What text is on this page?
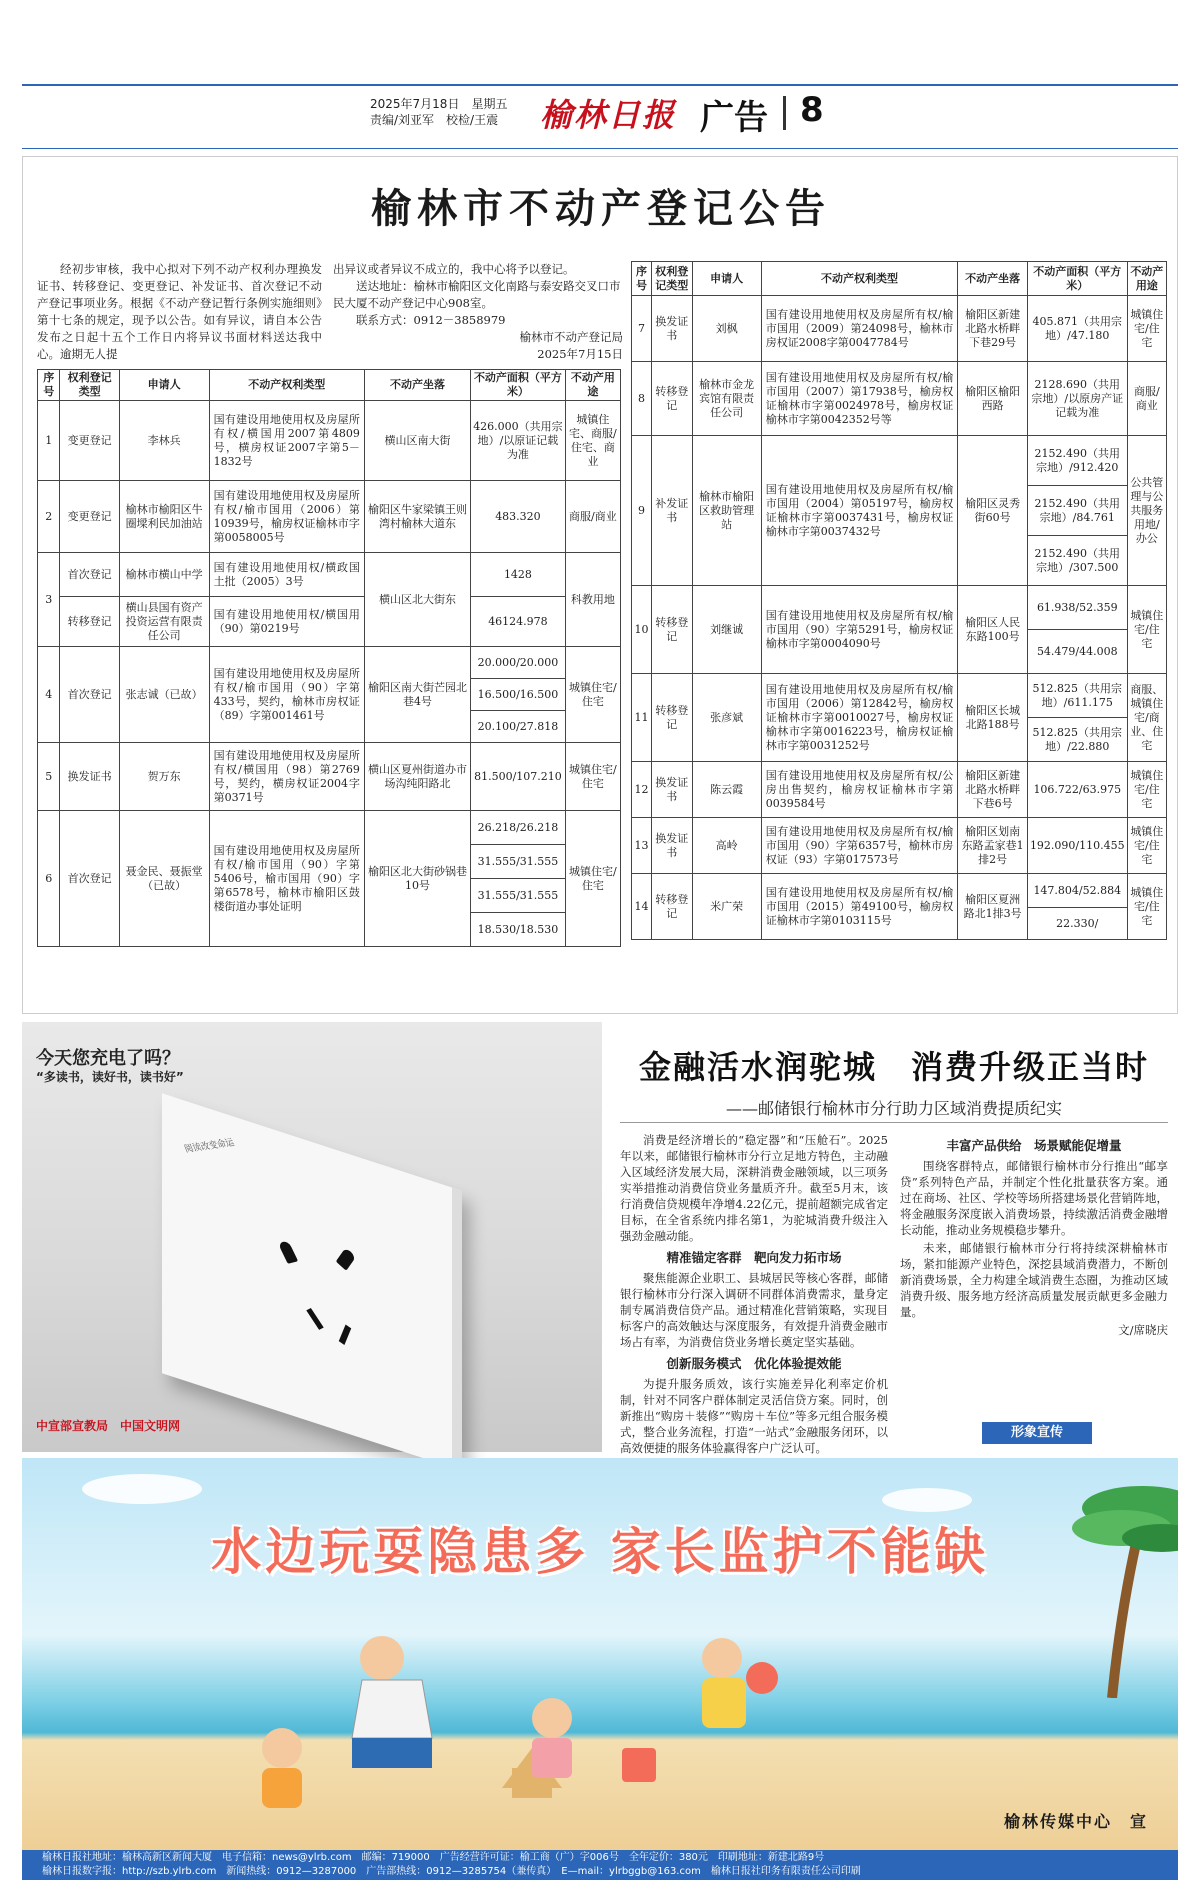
2025年7月18日　星期五
责编/刘亚军　校检/王震 榆林日报 广告 8
榆林市不动产登记公告
经初步审核，我中心拟对下列不动产权利办理换发证书、转移登记、变更登记、补发证书、首次登记不动产登记事项业务。根据《不动产登记暂行条例实施细则》第十七条的规定，现予以公告。如有异议，请自本公告发布之日起十五个工作日内将异议书面材料送达我中心。逾期无人提
出异议或者异议不成立的，我中心将予以登记。
送达地址：榆林市榆阳区文化南路与泰安路交叉口市民大厦不动产登记中心908室。
联系方式：0912－3858979
榆林市不动产登记局
2025年7月15日
序号	权利登记类型	申请人	不动产权利类型	不动产坐落	不动产面积（平方米）	不动产用途
1	变更登记	李林兵	国有建设用地使用权及房屋所有权/横国用2007第4809号，横房权证2007字第5－1832号	横山区南大街	426.000（共用宗地）/以原证记载为准	城镇住宅、商服/住宅、商业
2	变更登记	榆林市榆阳区牛圈墚利民加油站	国有建设用地使用权及房屋所有权/榆市国用（2006）第10939号，榆房权证榆林市字第0058005号	榆阳区牛家梁镇王则湾村榆林大道东	483.320	商服/商业
3	首次登记	榆林市横山中学	国有建设用地使用权/横政国土批（2005）3号	横山区北大街东	1428	科教用地
	转移登记	横山县国有资产投资运营有限责任公司	国有建设用地使用权/横国用（90）第0219号		46124.978	
4	首次登记	张志诚（已故）	国有建设用地使用权及房屋所有权/榆市国用（90）字第433号，契约，榆林市房权证（89）字第001461号	榆阳区南大街芒园北巷4号	20.000/20.000	城镇住宅/住宅
					16.500/16.500	
					20.100/27.818	
5	换发证书	贺万东	国有建设用地使用权及房屋所有权/横国用（98）第2769号，契约，横房权证2004字第0371号	横山区夏州街道办市场沟纯阳路北	81.500/107.210	城镇住宅/住宅
6	首次登记	聂金民、聂振堂（已故）	国有建设用地使用权及房屋所有权/榆市国用（90）字第5406号，榆市国用（90）字第6578号，榆林市榆阳区鼓楼街道办事处证明	榆阳区北大街砂锅巷10号	26.218/26.218	城镇住宅/住宅
					31.555/31.555	
					31.555/31.555	
					18.530/18.530	
序号	权利登记类型	申请人	不动产权利类型	不动产坐落	不动产面积（平方米）	不动产用途
7	换发证书	刘枫	国有建设用地使用权及房屋所有权/榆市国用（2009）第24098号，榆林市房权证2008字第0047784号	榆阳区新建北路水桥畔下巷29号	405.871（共用宗地）/47.180	城镇住宅/住宅
8	转移登记	榆林市金龙宾馆有限责任公司	国有建设用地使用权及房屋所有权/榆市国用（2007）第17938号，榆房权证榆林市字第0024978号，榆房权证榆林市字第0042352号等	榆阳区榆阳西路	2128.690（共用宗地）/以原房产证记载为准	商服/商业
9	补发证书	榆林市榆阳区救助管理站	国有建设用地使用权及房屋所有权/榆市国用（2004）第05197号，榆房权证榆林市字第0037431号，榆房权证榆林市字第0037432号	榆阳区灵秀街60号	2152.490（共用宗地）/912.420	公共管理与公共服务用地/办公
					2152.490（共用宗地）/84.761	
					2152.490（共用宗地）/307.500	
10	转移登记	刘继诚	国有建设用地使用权及房屋所有权/榆市国用（90）字第5291号，榆房权证榆林市字第0004090号	榆阳区人民东路100号	61.938/52.359	城镇住宅/住宅
					54.479/44.008	
11	转移登记	张彦斌	国有建设用地使用权及房屋所有权/榆市国用（2006）第12842号，榆房权证榆林市字第0010027号，榆房权证榆林市字第0016223号，榆房权证榆林市字第0031252号	榆阳区长城北路188号	512.825（共用宗地）/611.175	商服、城镇住宅/商业、住宅
					512.825（共用宗地）/22.880	
12	换发证书	陈云霞	国有建设用地使用权及房屋所有权/公房出售契约，榆房权证榆林市字第0039584号	榆阳区新建北路水桥畔下巷6号	106.722/63.975	城镇住宅/住宅
13	换发证书	高岭	国有建设用地使用权及房屋所有权/榆市国用（90）字第6357号，榆林市房权证（93）字第017573号	榆阳区划南东路孟家巷1排2号	192.090/110.455	城镇住宅/住宅
14	转移登记	米广荣	国有建设用地使用权及房屋所有权/榆市国用（2015）第49100号，榆房权证榆林市字第0103115号	榆阳区夏洲路北1排3号	147.804/52.884	城镇住宅/住宅
					22.330/	
今天您充电了吗？
“多读书，读好书，读书好”
阅读改变命运
中宣部宣教局　中国文明网
金融活水润驼城　消费升级正当时
——邮储银行榆林市分行助力区域消费提质纪实

消费是经济增长的“稳定器”和“压舱石”。2025年以来，邮储银行榆林市分行立足地方特色，主动融入区域经济发展大局，深耕消费金融领域，以三项务实举措推动消费信贷业务量质齐升。截至5月末，该行消费信贷规模年净增4.22亿元，提前超额完成省定目标，在全省系统内排名第1，为驼城消费升级注入强劲金融动能。

精准锚定客群　靶向发力拓市场

聚焦能源企业职工、县城居民等核心客群，邮储银行榆林市分行深入调研不同群体消费需求，量身定制专属消费信贷产品。通过精准化营销策略，实现目标客户的高效触达与深度服务，有效提升消费金融市场占有率，为消费信贷业务增长奠定坚实基础。

创新服务模式　优化体验提效能

为提升服务质效，该行实施差异化利率定价机制，针对不同客户群体制定灵活信贷方案。同时，创新推出“购房＋装修”“购房＋车位”等多元组合服务模式，整合业务流程，打造“一站式”金融服务闭环，以高效便捷的服务体验赢得客户广泛认可。

丰富产品供给　场景赋能促增量

围绕客群特点，邮储银行榆林市分行推出“邮享贷”系列特色产品，并制定个性化批量获客方案。通过在商场、社区、学校等场所搭建场景化营销阵地，将金融服务深度嵌入消费场景，持续激活消费金融增长动能，推动业务规模稳步攀升。

未来，邮储银行榆林市分行将持续深耕榆林市场，紧扣能源产业特色，深挖县域消费潜力，不断创新消费场景，全力构建全域消费生态圈，为推动区域消费升级、服务地方经济高质量发展贡献更多金融力量。

文/席晓庆
形象宣传
水边玩耍隐患多 家长监护不能缺
榆林传媒中心　宣
榆林日报社地址：榆林高新区新闻大厦　电子信箱：news@ylrb.com　邮编：719000　广告经营许可证：榆工商（广）字006号　全年定价：380元　印刷地址：新建北路9号
榆林日报数字报：http://szb.ylrb.com　新闻热线：0912—3287000　广告部热线：0912—3285754（兼传真）　E—mail：ylrbggb@163.com　榆林日报社印务有限责任公司印刷
